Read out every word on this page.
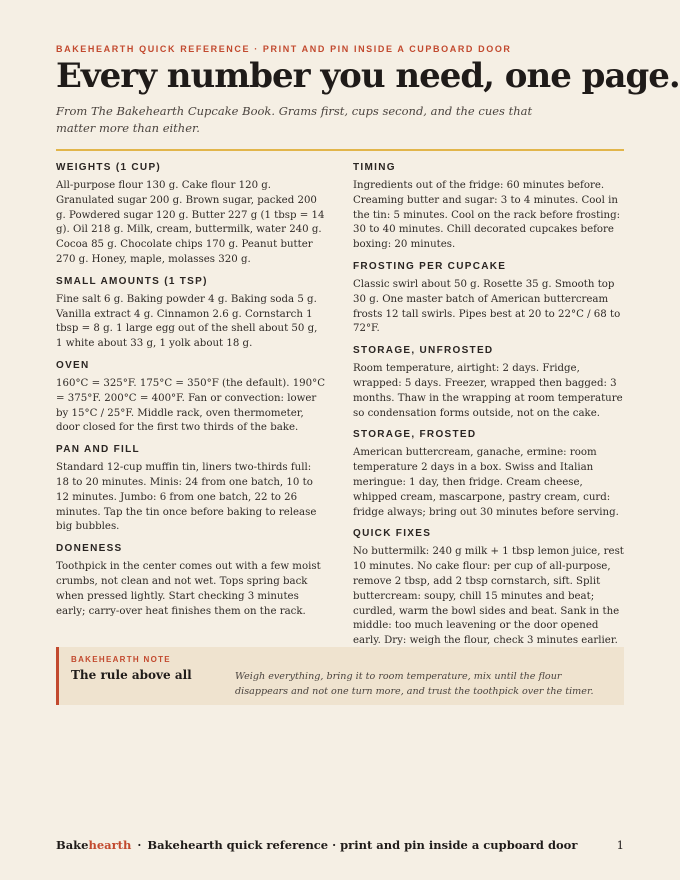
BAKEHEARTH QUICK REFERENCE · PRINT AND PIN INSIDE A CUPBOARD DOOR
Every number you need, one page.
From The Bakehearth Cupcake Book. Grams first, cups second, and the cues that matter more than either.
WEIGHTS (1 CUP)

All-purpose flour 130 g. Cake flour 120 g. Granulated sugar 200 g. Brown sugar, packed 200 g. Powdered sugar 120 g. Butter 227 g (1 tbsp = 14 g). Oil 218 g. Milk, cream, buttermilk, water 240 g. Cocoa 85 g. Chocolate chips 170 g. Peanut butter 270 g. Honey, maple, molasses 320 g.

SMALL AMOUNTS (1 TSP)

Fine salt 6 g. Baking powder 4 g. Baking soda 5 g. Vanilla extract 4 g. Cinnamon 2.6 g. Cornstarch 1 tbsp = 8 g. 1 large egg out of the shell about 50 g, 1 white about 33 g, 1 yolk about 18 g.

OVEN

160°C = 325°F. 175°C = 350°F (the default). 190°C = 375°F. 200°C = 400°F. Fan or convection: lower by 15°C / 25°F. Middle rack, oven thermometer, door closed for the first two thirds of the bake.

PAN AND FILL

Standard 12-cup muffin tin, liners two-thirds full: 18 to 20 minutes. Minis: 24 from one batch, 10 to 12 minutes. Jumbo: 6 from one batch, 22 to 26 minutes. Tap the tin once before baking to release big bubbles.

DONENESS

Toothpick in the center comes out with a few moist crumbs, not clean and not wet. Tops spring back when pressed lightly. Start checking 3 minutes early; carry-over heat finishes them on the rack.

TIMING

Ingredients out of the fridge: 60 minutes before. Creaming butter and sugar: 3 to 4 minutes. Cool in the tin: 5 minutes. Cool on the rack before frosting: 30 to 40 minutes. Chill decorated cupcakes before boxing: 20 minutes.

FROSTING PER CUPCAKE

Classic swirl about 50 g. Rosette 35 g. Smooth top 30 g. One master batch of American buttercream frosts 12 tall swirls. Pipes best at 20 to 22°C / 68 to 72°F.

STORAGE, UNFROSTED

Room temperature, airtight: 2 days. Fridge, wrapped: 5 days. Freezer, wrapped then bagged: 3 months. Thaw in the wrapping at room temperature so condensation forms outside, not on the cake.

STORAGE, FROSTED

American buttercream, ganache, ermine: room temperature 2 days in a box. Swiss and Italian meringue: 1 day, then fridge. Cream cheese, whipped cream, mascarpone, pastry cream, curd: fridge always; bring out 30 minutes before serving.

QUICK FIXES

No buttermilk: 240 g milk + 1 tbsp lemon juice, rest 10 minutes. No cake flour: per cup of all-purpose, remove 2 tbsp, add 2 tbsp cornstarch, sift. Split buttercream: soupy, chill 15 minutes and beat; curdled, warm the bowl sides and beat. Sank in the middle: too much leavening or the door opened early. Dry: weigh the flour, check 3 minutes earlier.

BAKEHEARTH NOTE
The rule above all	Weigh everything, bring it to room temperature, mix until the flour disappears and not one turn more, and trust the toothpick over the timer.
Bakehearth · Bakehearth quick reference · print and pin inside a cupboard door	1
